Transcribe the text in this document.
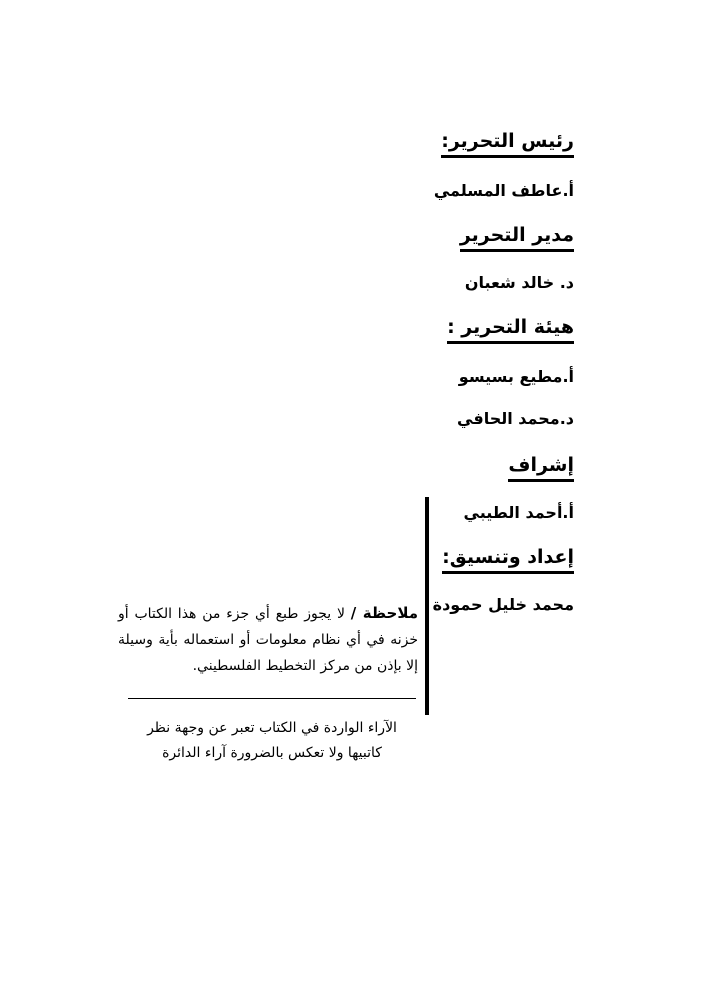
رئيس التحرير:
أ.عاطف المسلمي
مدير التحرير
د. خالد شعبان
هيئة التحرير :
أ.مطيع بسيسو
د.محمد الحافي
إشراف
أ.أحمد الطيبي
إعداد وتنسيق:
محمد خليل حمودة
ملاحظة / لا يجوز طبع أي جزء من هذا الكتاب أو خزنه في أي نظام معلومات أو استعماله بأية وسيلة إلا بإذن من مركز التخطيط الفلسطيني.
الآراء الواردة في الكتاب تعبر عن وجهة نظر
كاتبيها ولا تعكس بالضرورة آراء الدائرة
